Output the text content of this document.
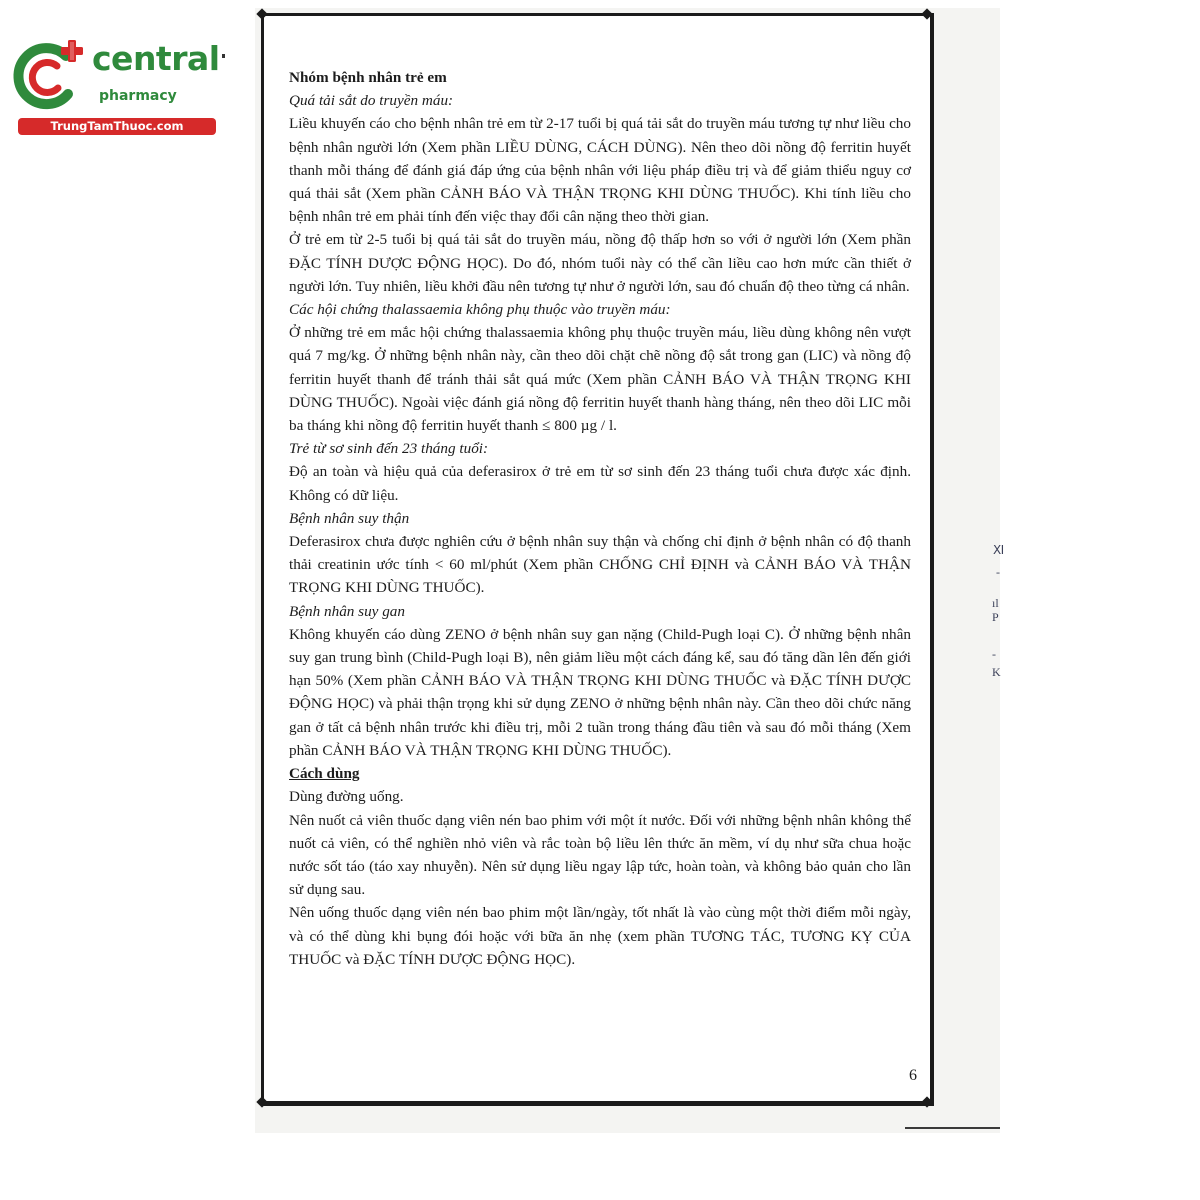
central
pharmacy
TrungTamThuoc.com

Nhóm bệnh nhân trẻ em

Quá tải sắt do truyền máu:

Liều khuyến cáo cho bệnh nhân trẻ em từ 2-17 tuổi bị quá tải sắt do truyền máu tương tự như liều cho bệnh nhân người lớn (Xem phần LIỀU DÙNG, CÁCH DÙNG). Nên theo dõi nồng độ ferritin huyết thanh mỗi tháng để đánh giá đáp ứng của bệnh nhân với liệu pháp điều trị và để giảm thiểu nguy cơ quá thải sắt (Xem phần CẢNH BÁO VÀ THẬN TRỌNG KHI DÙNG THUỐC). Khi tính liều cho bệnh nhân trẻ em phải tính đến việc thay đổi cân nặng theo thời gian.

Ở trẻ em từ 2-5 tuổi bị quá tải sắt do truyền máu, nồng độ thấp hơn so với ở người lớn (Xem phần ĐẶC TÍNH DƯỢC ĐỘNG HỌC). Do đó, nhóm tuổi này có thể cần liều cao hơn mức cần thiết ở người lớn. Tuy nhiên, liều khởi đầu nên tương tự như ở người lớn, sau đó chuẩn độ theo từng cá nhân.

Các hội chứng thalassaemia không phụ thuộc vào truyền máu:

Ở những trẻ em mắc hội chứng thalassaemia không phụ thuộc truyền máu, liều dùng không nên vượt quá 7 mg/kg. Ở những bệnh nhân này, cần theo dõi chặt chẽ nồng độ sắt trong gan (LIC) và nồng độ ferritin huyết thanh để tránh thải sắt quá mức (Xem phần CẢNH BÁO VÀ THẬN TRỌNG KHI DÙNG THUỐC). Ngoài việc đánh giá nồng độ ferritin huyết thanh hàng tháng, nên theo dõi LIC mỗi ba tháng khi nồng độ ferritin huyết thanh ≤ 800 µg / l.

Trẻ từ sơ sinh đến 23 tháng tuổi:

Độ an toàn và hiệu quả của deferasirox ở trẻ em từ sơ sinh đến 23 tháng tuổi chưa được xác định. Không có dữ liệu.

Bệnh nhân suy thận

Deferasirox chưa được nghiên cứu ở bệnh nhân suy thận và chống chỉ định ở bệnh nhân có độ thanh thải creatinin ước tính < 60 ml/phút (Xem phần CHỐNG CHỈ ĐỊNH và CẢNH BÁO VÀ THẬN TRỌNG KHI DÙNG THUỐC).

Bệnh nhân suy gan

Không khuyến cáo dùng ZENO ở bệnh nhân suy gan nặng (Child-Pugh loại C). Ở những bệnh nhân suy gan trung bình (Child-Pugh loại B), nên giảm liều một cách đáng kể, sau đó tăng dần lên đến giới hạn 50% (Xem phần CẢNH BÁO VÀ THẬN TRỌNG KHI DÙNG THUỐC và ĐẶC TÍNH DƯỢC ĐỘNG HỌC) và phải thận trọng khi sử dụng ZENO ở những bệnh nhân này. Cần theo dõi chức năng gan ở tất cả bệnh nhân trước khi điều trị, mỗi 2 tuần trong tháng đầu tiên và sau đó mỗi tháng (Xem phần CẢNH BÁO VÀ THẬN TRỌNG KHI DÙNG THUỐC).

Cách dùng

Dùng đường uống.

Nên nuốt cả viên thuốc dạng viên nén bao phim với một ít nước. Đối với những bệnh nhân không thể nuốt cả viên, có thể nghiền nhỏ viên và rắc toàn bộ liều lên thức ăn mềm, ví dụ như sữa chua hoặc nước sốt táo (táo xay nhuyễn). Nên sử dụng liều ngay lập tức, hoàn toàn, và không bảo quản cho lần sử dụng sau.

Nên uống thuốc dạng viên nén bao phim một lần/ngày, tốt nhất là vào cùng một thời điểm mỗi ngày, và có thể dùng khi bụng đói hoặc với bữa ăn nhẹ (xem phần TƯƠNG TÁC, TƯƠNG KỴ CỦA THUỐC và ĐẶC TÍNH DƯỢC ĐỘNG HỌC).

6
Ⅺ
-
ıl
P
-
K
